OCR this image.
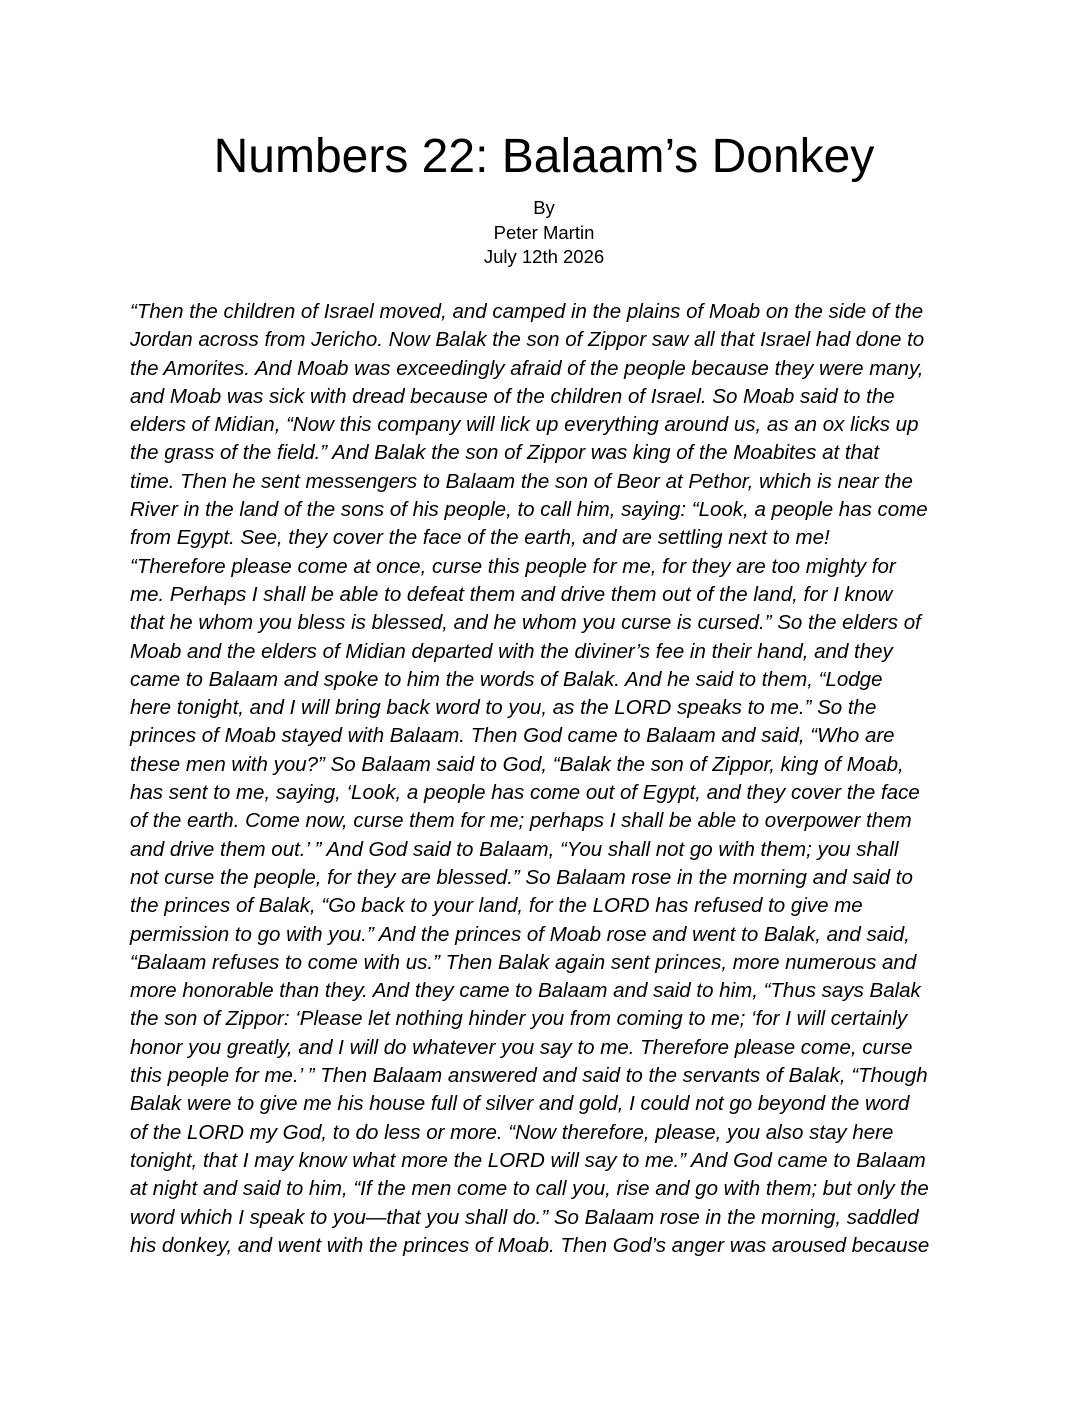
Numbers 22: Balaam’s Donkey
By
Peter Martin
July 12th 2026
“Then the children of Israel moved, and camped in the plains of Moab on the side of the
Jordan across from Jericho. Now Balak the son of Zippor saw all that Israel had done to
the Amorites. And Moab was exceedingly afraid of the people because they were many,
and Moab was sick with dread because of the children of Israel. So Moab said to the
elders of Midian, “Now this company will lick up everything around us, as an ox licks up
the grass of the field.” And Balak the son of Zippor was king of the Moabites at that
time. Then he sent messengers to Balaam the son of Beor at Pethor, which is near the
River in the land of the sons of his people, to call him, saying: “Look, a people has come
from Egypt. See, they cover the face of the earth, and are settling next to me!
“Therefore please come at once, curse this people for me, for they are too mighty for
me. Perhaps I shall be able to defeat them and drive them out of the land, for I know
that he whom you bless is blessed, and he whom you curse is cursed.” So the elders of
Moab and the elders of Midian departed with the diviner’s fee in their hand, and they
came to Balaam and spoke to him the words of Balak. And he said to them, “Lodge
here tonight, and I will bring back word to you, as the LORD speaks to me.” So the
princes of Moab stayed with Balaam. Then God came to Balaam and said, “Who are
these men with you?” So Balaam said to God, “Balak the son of Zippor, king of Moab,
has sent to me, saying, ‘Look, a people has come out of Egypt, and they cover the face
of the earth. Come now, curse them for me; perhaps I shall be able to overpower them
and drive them out.’ ” And God said to Balaam, “You shall not go with them; you shall
not curse the people, for they are blessed.” So Balaam rose in the morning and said to
the princes of Balak, “Go back to your land, for the LORD has refused to give me
permission to go with you.” And the princes of Moab rose and went to Balak, and said,
“Balaam refuses to come with us.” Then Balak again sent princes, more numerous and
more honorable than they. And they came to Balaam and said to him, “Thus says Balak
the son of Zippor: ‘Please let nothing hinder you from coming to me; ‘for I will certainly
honor you greatly, and I will do whatever you say to me. Therefore please come, curse
this people for me.’ ” Then Balaam answered and said to the servants of Balak, “Though
Balak were to give me his house full of silver and gold, I could not go beyond the word
of the LORD my God, to do less or more. “Now therefore, please, you also stay here
tonight, that I may know what more the LORD will say to me.” And God came to Balaam
at night and said to him, “If the men come to call you, rise and go with them; but only the
word which I speak to you—that you shall do.” So Balaam rose in the morning, saddled
his donkey, and went with the princes of Moab. Then God’s anger was aroused because
